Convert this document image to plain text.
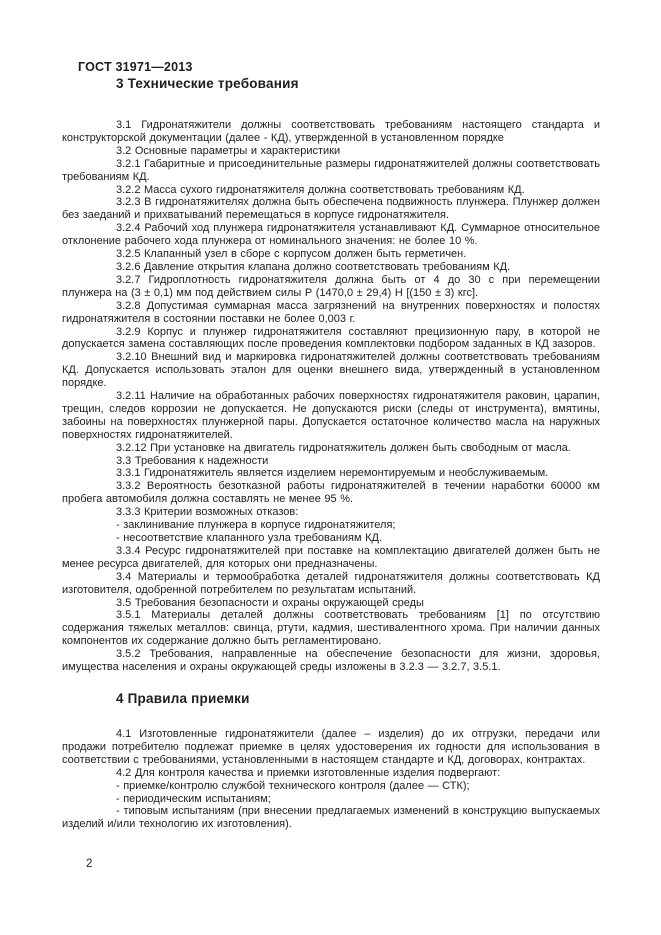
ГОСТ 31971—2013
3 Технические требования

3.1 Гидронатяжители должны соответствовать требованиям настоящего стандарта и конструкторской документации (далее - КД), утвержденной в установленном порядке

3.2 Основные параметры и характеристики

3.2.1 Габаритные и присоединительные размеры гидронатяжителей должны соответствовать требованиям КД.

3.2.2 Масса сухого гидронатяжителя должна соответствовать требованиям КД.

3.2.3 В гидронатяжителях должна быть обеспечена подвижность плунжера. Плунжер должен без заеданий и прихватываний перемещаться в корпусе гидронатяжителя.

3.2.4 Рабочий ход плунжера гидронатяжителя устанавливают КД. Суммарное относительное отклонение рабочего хода плунжера от номинального значения: не более 10 %.

3.2.5 Клапанный узел в сборе с корпусом должен быть герметичен.

3.2.6 Давление открытия клапана должно соответствовать требованиям КД.

3.2.7 Гидроплотность гидронатяжителя должна быть от 4 до 30 с при перемещении плунжера на (3 ± 0,1) мм под действием силы Р (1470,0 ± 29,4) Н [(150 ± 3) кгс].

3.2.8 Допустимая суммарная масса загрязнений на внутренних поверхностях и полостях гидронатяжителя в состоянии поставки не более 0,003 г.

3.2.9 Корпус и плунжер гидронатяжителя составляют прецизионную пару, в которой не допускается замена составляющих после проведения комплектовки подбором заданных в КД зазоров.

3.2.10 Внешний вид и маркировка гидронатяжителей должны соответствовать требованиям КД. Допускается использовать эталон для оценки внешнего вида, утвержденный в установленном порядке.

3.2.11 Наличие на обработанных рабочих поверхностях гидронатяжителя раковин, царапин, трещин, следов коррозии не допускается. Не допускаются риски (следы от инструмента), вмятины, забоины на поверхностях плунжерной пары. Допускается остаточное количество масла на наружных поверхностях гидронатяжителей.

3.2.12 При установке на двигатель гидронатяжитель должен быть свободным от масла.

3.3 Требования к надежности

3.3.1 Гидронатяжитель является изделием неремонтируемым и необслуживаемым.

3.3.2 Вероятность безотказной работы гидронатяжителей в течении наработки 60000 км пробега автомобиля должна составлять не менее 95 %.

3.3.3 Критерии возможных отказов:

- заклинивание плунжера в корпусе гидронатяжителя;

- несоответствие клапанного узла требованиям КД.

3.3.4 Ресурс гидронатяжителей при поставке на комплектацию двигателей должен быть не менее ресурса двигателей, для которых они предназначены.

3.4 Материалы и термообработка деталей гидронатяжителя должны соответствовать КД изготовителя, одобренной потребителем по результатам испытаний.

3.5 Требования безопасности и охраны окружающей среды

3.5.1 Материалы деталей должны соответствовать требованиям [1] по отсутствию содержания тяжелых металлов: свинца, ртути, кадмия, шестивалентного хрома. При наличии данных компонентов их содержание должно быть регламентировано.

3.5.2 Требования, направленные на обеспечение безопасности для жизни, здоровья, имущества населения и охраны окружающей среды изложены в 3.2.3 — 3.2.7, 3.5.1.

4 Правила приемки

4.1 Изготовленные гидронатяжители (далее – изделия) до их отгрузки, передачи или продажи потребителю подлежат приемке в целях удостоверения их годности для использования в соответствии с требованиями, установленными в настоящем стандарте и КД, договорах, контрактах.

4.2 Для контроля качества и приемки изготовленные изделия подвергают:

- приемке/контролю службой технического контроля (далее — СТК);

- периодическим испытаниям;

- типовым испытаниям (при внесении предлагаемых изменений в конструкцию выпускаемых изделий и/или технологию их изготовления).

2
